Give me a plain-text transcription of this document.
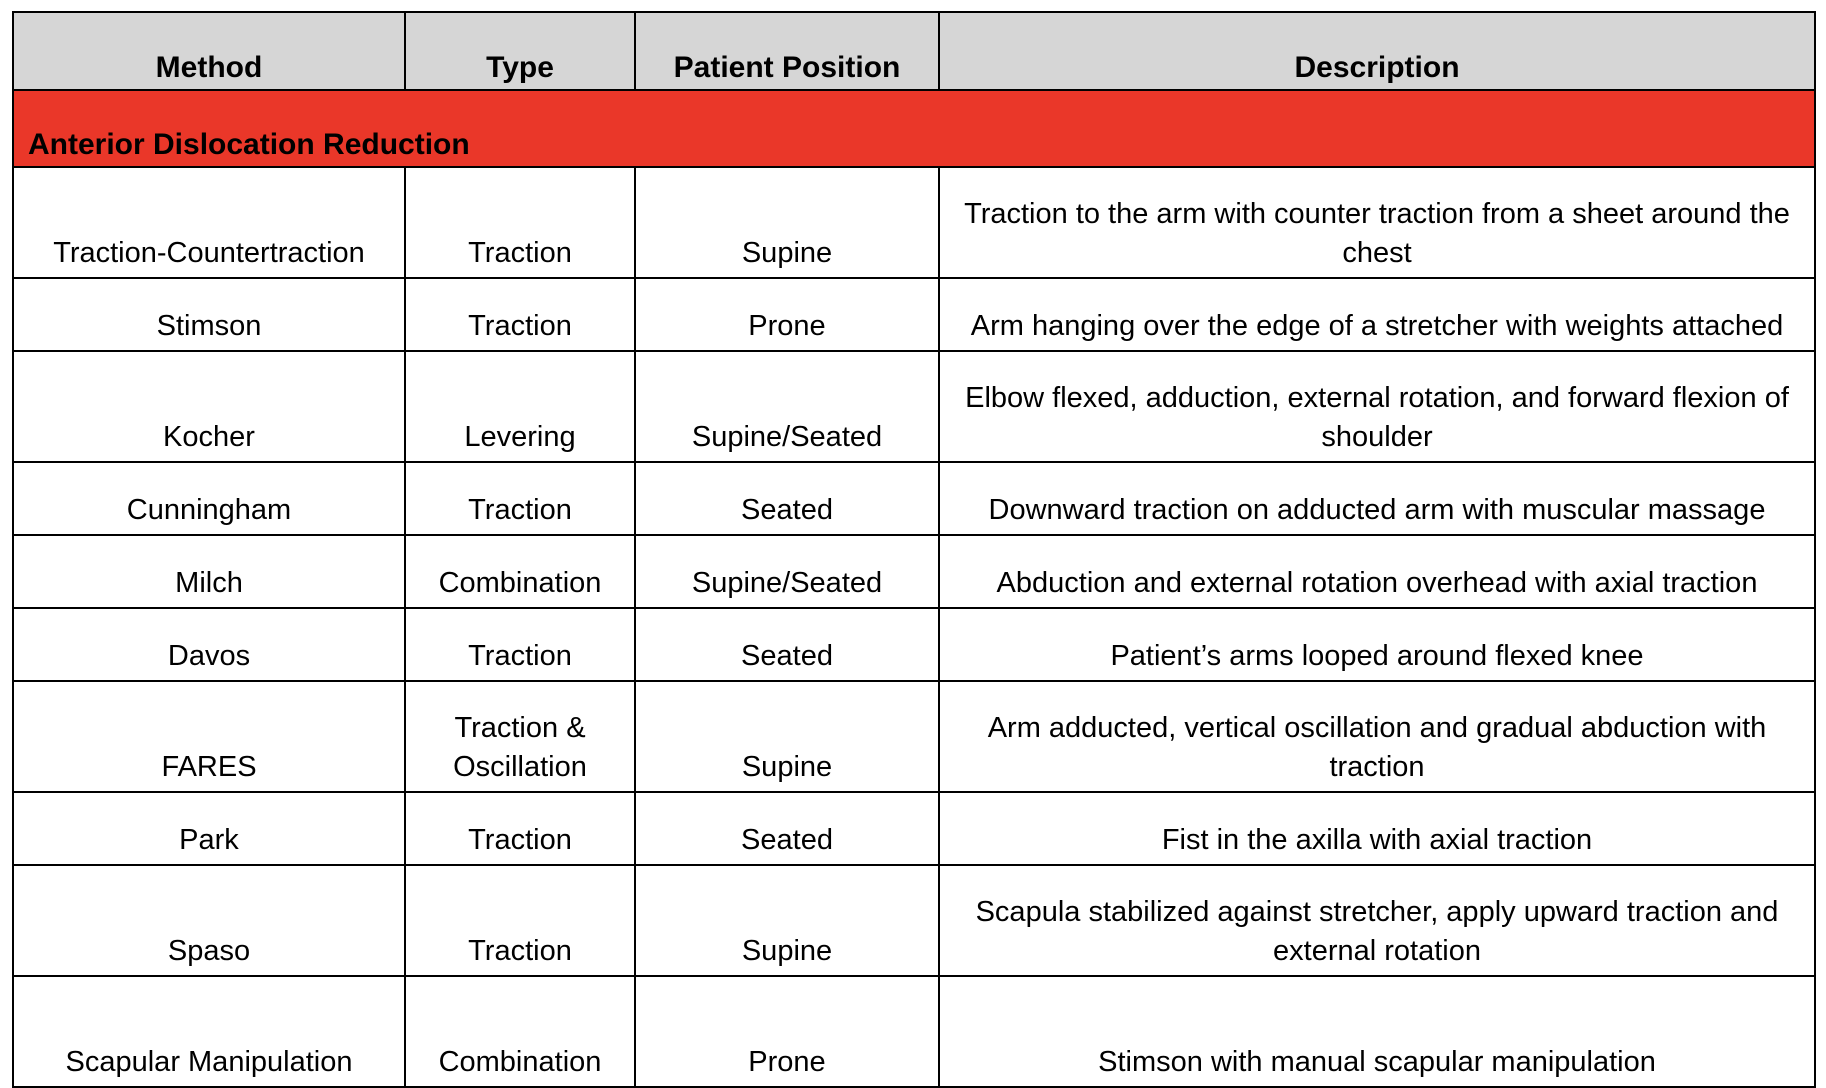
Method	Type	Patient Position	Description
Anterior Dislocation Reduction			
Traction-Countertraction	Traction	Supine	Traction to the arm with counter traction from a sheet around the chest
Stimson	Traction	Prone	Arm hanging over the edge of a stretcher with weights attached
Kocher	Levering	Supine/Seated	Elbow flexed, adduction, external rotation, and forward flexion of shoulder
Cunningham	Traction	Seated	Downward traction on adducted arm with muscular massage
Milch	Combination	Supine/Seated	Abduction and external rotation overhead with axial traction
Davos	Traction	Seated	Patient’s arms looped around flexed knee
FARES	Traction & Oscillation	Supine	Arm adducted, vertical oscillation and gradual abduction with traction
Park	Traction	Seated	Fist in the axilla with axial traction
Spaso	Traction	Supine	Scapula stabilized against stretcher, apply upward traction and external rotation
Scapular Manipulation	Combination	Prone	Stimson with manual scapular manipulation
